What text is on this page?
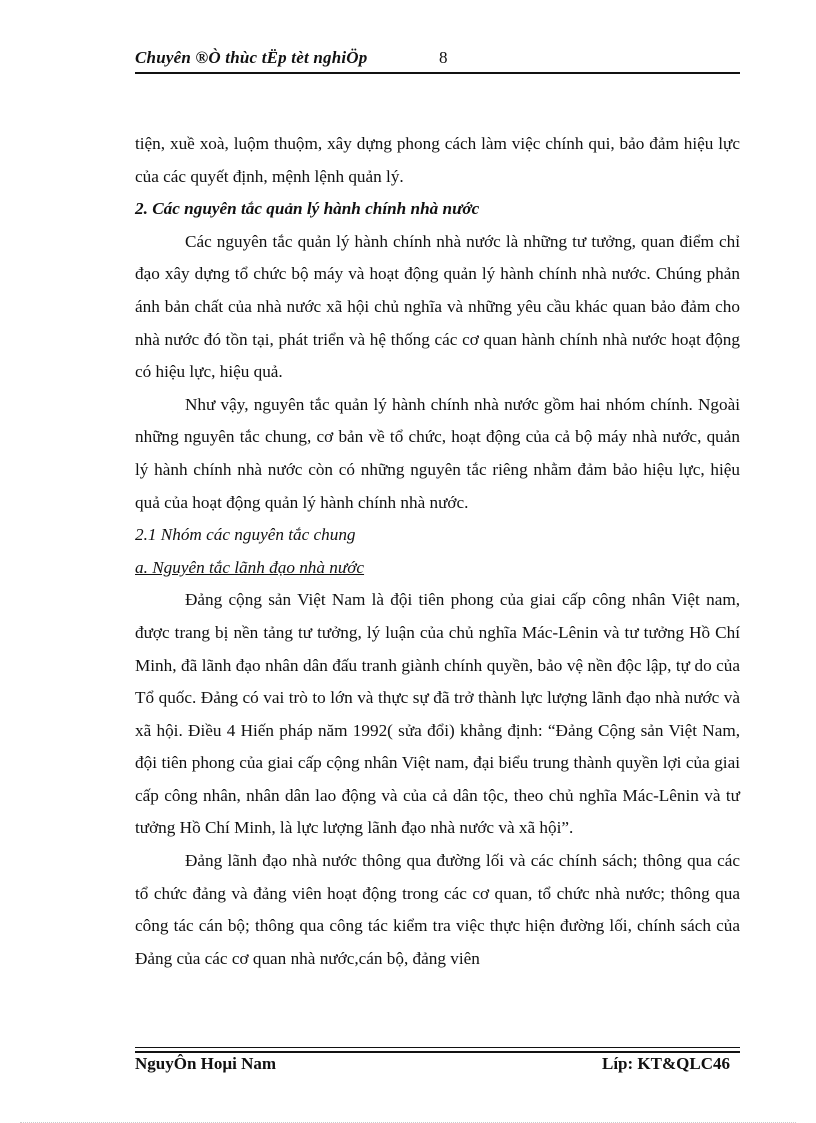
Chuyên ®Ò thùc tËp tèt nghiÖp	8

tiện, xuề xoà, luộm thuộm, xây dựng phong cách làm việc chính qui, bảo đảm hiệu lực của các quyết định, mệnh lệnh quản lý.

2. Các nguyên tắc quản lý hành chính nhà nước

Các nguyên tắc quản lý hành chính nhà nước là những tư tưởng, quan điểm chỉ đạo xây dựng tổ chức bộ máy và hoạt động quản lý hành chính nhà nước. Chúng phản ánh bản chất của nhà nước xã hội chủ nghĩa và những yêu cầu khác quan bảo đảm cho nhà nước đó tồn tại, phát triển và hệ thống các cơ quan hành chính nhà nước hoạt động có hiệu lực, hiệu quả.

Như vậy, nguyên tắc quản lý hành chính nhà nước gồm hai nhóm chính. Ngoài những nguyên tắc chung, cơ bản về tổ chức, hoạt động của cả bộ máy nhà nước, quản lý hành chính nhà nước còn có những nguyên tắc riêng nhằm đảm bảo hiệu lực, hiệu quả của hoạt động quản lý hành chính nhà nước.

2.1 Nhóm các nguyên tắc chung

a. Nguyên tắc lãnh đạo nhà nước

Đảng cộng sản Việt Nam là đội tiên phong của giai cấp công nhân Việt nam, được trang bị nền tảng tư tưởng, lý luận của chủ nghĩa Mác-Lênin và tư tưởng Hồ Chí Minh, đã lãnh đạo nhân dân đấu tranh giành chính quyền, bảo vệ nền độc lập, tự do của Tổ quốc. Đảng có vai trò to lớn và thực sự đã trở thành lực lượng lãnh đạo nhà nước và xã hội. Điều 4 Hiến pháp năm 1992( sửa đổi) khẳng định: “Đảng Cộng sản Việt Nam, đội tiên phong của giai cấp cộng nhân Việt nam, đại biểu trung thành quyền lợi của giai cấp công nhân, nhân dân lao động và của cả dân tộc, theo chủ nghĩa Mác-Lênin và tư tưởng Hồ Chí Minh, là lực lượng lãnh đạo nhà nước và xã hội”.

Đảng lãnh đạo nhà nước thông qua đường lối và các chính sách; thông qua các tổ chức đảng và đảng viên hoạt động trong các cơ quan, tổ chức nhà nước; thông qua công tác cán bộ; thông qua công tác kiểm tra việc thực hiện đường lối, chính sách của Đảng của các cơ quan nhà nước,cán bộ, đảng viên

NguyÔn Hoµi Nam	Líp: KT&QLC46
